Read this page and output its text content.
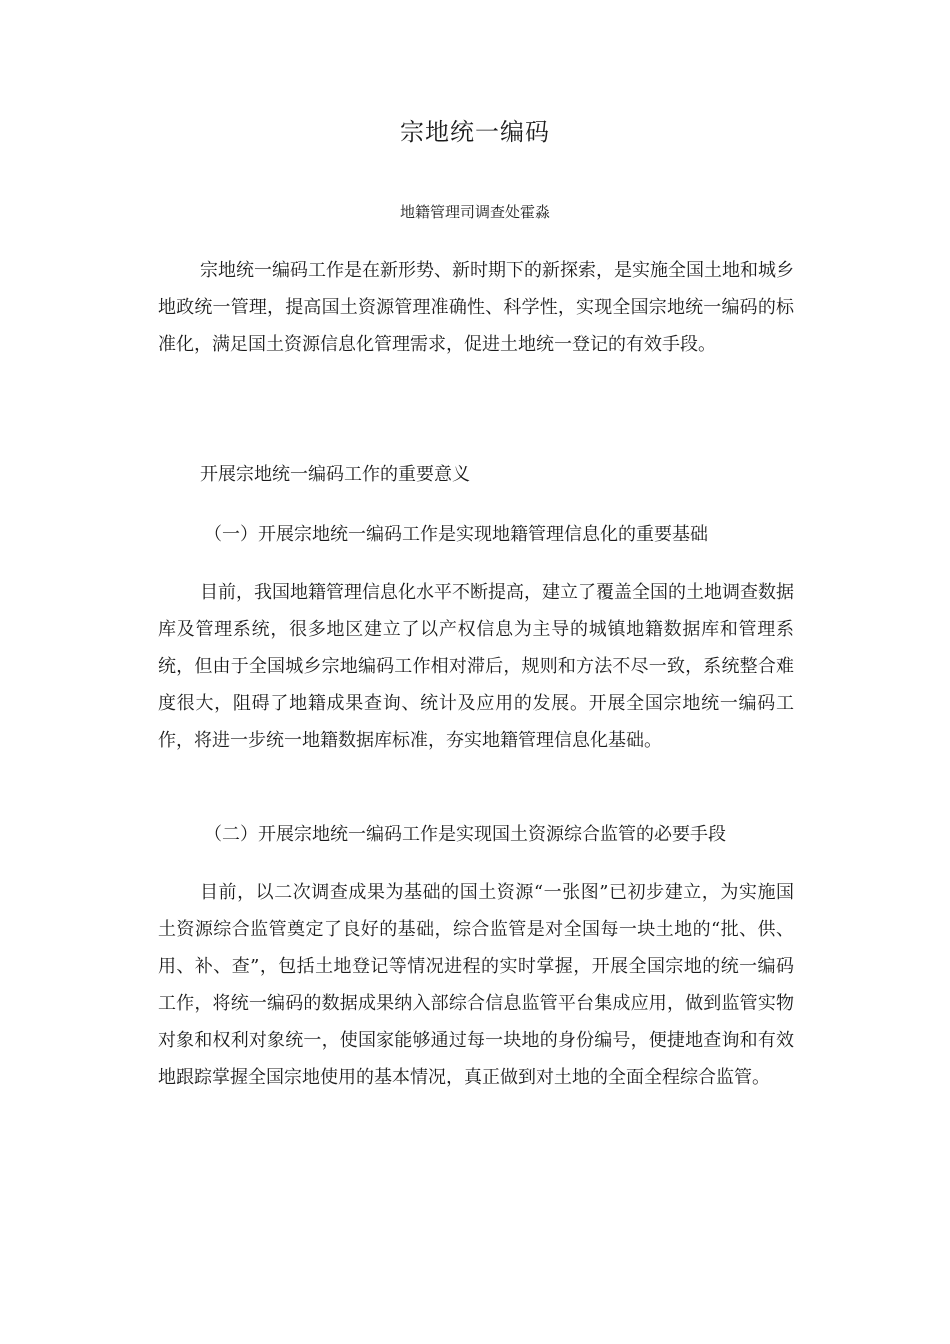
宗地统一编码
地籍管理司调查处霍淼

宗地统一编码工作是在新形势、新时期下的新探索，是实施全国土地和城乡地政统一管理，提高国土资源管理准确性、科学性，实现全国宗地统一编码的标准化，满足国土资源信息化管理需求，促进土地统一登记的有效手段。

开展宗地统一编码工作的重要意义

（一）开展宗地统一编码工作是实现地籍管理信息化的重要基础

目前，我国地籍管理信息化水平不断提高，建立了覆盖全国的土地调查数据库及管理系统，很多地区建立了以产权信息为主导的城镇地籍数据库和管理系统，但由于全国城乡宗地编码工作相对滞后，规则和方法不尽一致，系统整合难度很大，阻碍了地籍成果查询、统计及应用的发展。开展全国宗地统一编码工作，将进一步统一地籍数据库标准，夯实地籍管理信息化基础。

（二）开展宗地统一编码工作是实现国土资源综合监管的必要手段

目前，以二次调查成果为基础的国土资源“一张图”已初步建立，为实施国土资源综合监管奠定了良好的基础，综合监管是对全国每一块土地的“批、供、用、补、查”，包括土地登记等情况进程的实时掌握，开展全国宗地的统一编码工作，将统一编码的数据成果纳入部综合信息监管平台集成应用，做到监管实物对象和权利对象统一，使国家能够通过每一块地的身份编号，便捷地查询和有效地跟踪掌握全国宗地使用的基本情况，真正做到对土地的全面全程综合监管。
